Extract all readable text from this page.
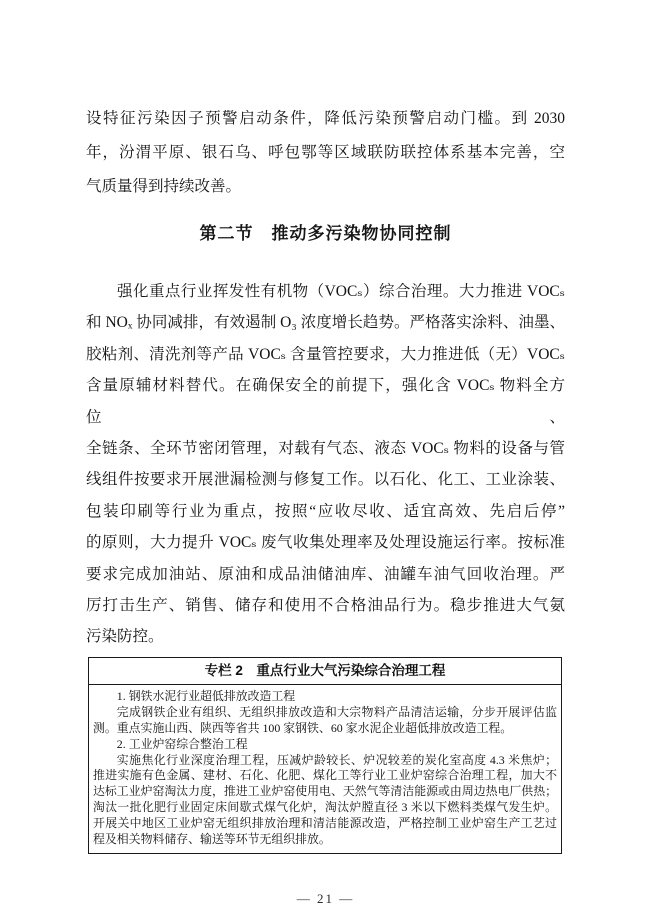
设特征污染因子预警启动条件，降低污染预警启动门槛。到 2030
年，汾渭平原、银石乌、呼包鄂等区域联防联控体系基本完善，空
气质量得到持续改善。
第二节　推动多污染物协同控制
强化重点行业挥发性有机物（VOCₛ）综合治理。大力推进 VOCₛ
和 NOₓ 协同减排，有效遏制 O₃ 浓度增长趋势。严格落实涂料、油墨、
胶粘剂、清洗剂等产品 VOCₛ 含量管控要求，大力推进低（无）VOCₛ
含量原辅材料替代。在确保安全的前提下，强化含 VOCₛ 物料全方位、
全链条、全环节密闭管理，对载有气态、液态 VOCₛ 物料的设备与管
线组件按要求开展泄漏检测与修复工作。以石化、化工、工业涂装、
包装印刷等行业为重点，按照“应收尽收、适宜高效、先启后停”
的原则，大力提升 VOCₛ 废气收集处理率及处理设施运行率。按标准
要求完成加油站、原油和成品油储油库、油罐车油气回收治理。严
厉打击生产、销售、储存和使用不合格油品行为。稳步推进大气氨
污染防控。
专栏 2　重点行业大气污染综合治理工程
1. 钢铁水泥行业超低排放改造工程
完成钢铁企业有组织、无组织排放改造和大宗物料产品清洁运输，分步开展评估监
测。重点实施山西、陕西等省共 100 家钢铁、60 家水泥企业超低排放改造工程。
2. 工业炉窑综合整治工程
实施焦化行业深度治理工程，压减炉龄较长、炉况较差的炭化室高度 4.3 米焦炉；
推进实施有色金属、建材、石化、化肥、煤化工等行业工业炉窑综合治理工程，加大不
达标工业炉窑淘汰力度，推进工业炉窑使用电、天然气等清洁能源或由周边热电厂供热；
淘汰一批化肥行业固定床间歇式煤气化炉，淘汰炉膛直径 3 米以下燃料类煤气发生炉。
开展关中地区工业炉窑无组织排放治理和清洁能源改造，严格控制工业炉窑生产工艺过
程及相关物料储存、输送等环节无组织排放。
— 21 —
